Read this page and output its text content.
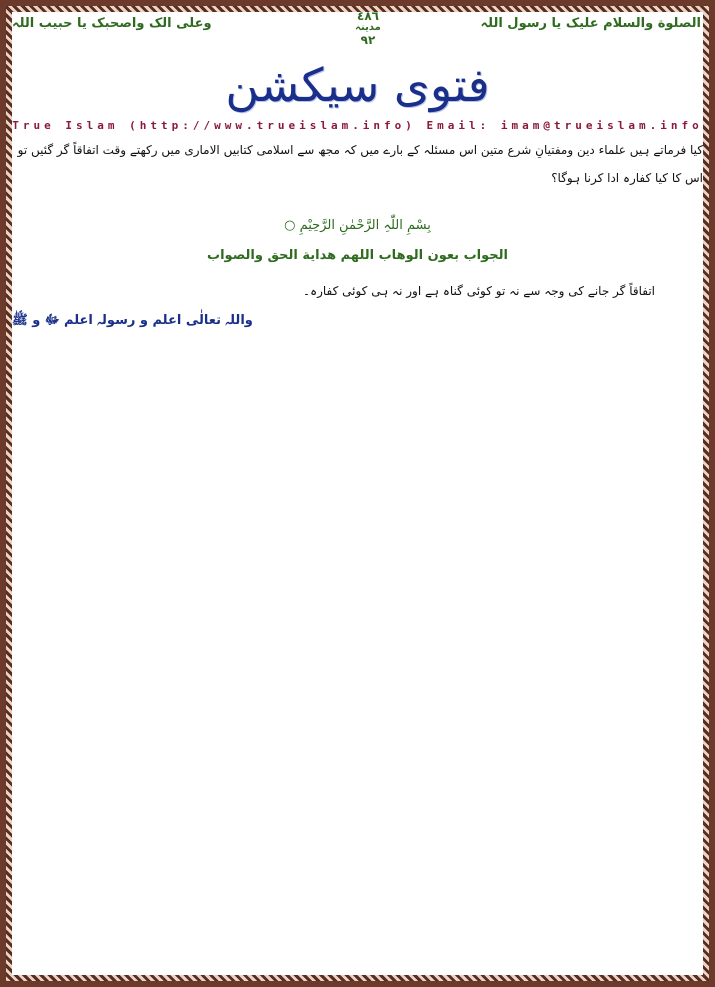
وعلی الک واصحبک یا حبیب اللہ	٤٨٦
مدینہ
٩٢
الصلوة والسلام علیک یا رسول اللہ
فتوی سیکشن
True Islam (http://www.trueislam.info) Email: imam@trueislam.info
کیا فرماتے ہیں علماء دین ومفتیانِ شرع متین اس مسئلہ کے بارے میں کہ مجھ سے اسلامی کتابیں الاماری میں رکھتے وقت اتفاقاً گر گئیں تو اس کا کیا کفارہ ادا کرنا ہوگا؟
بِسْمِ اللّٰہِ الرَّحْمٰنِ الرَّحِیْمِ ○
الجواب بعون الوهاب اللهم هداية الحق والصواب
اتفاقاً گر جانے کی وجہ سے نہ تو کوئی گناہ ہے اور نہ ہی کوئی کفارہ۔
واللہ تعالٰی اعلم و رسولہ اعلم ﷻ و ﷺ
